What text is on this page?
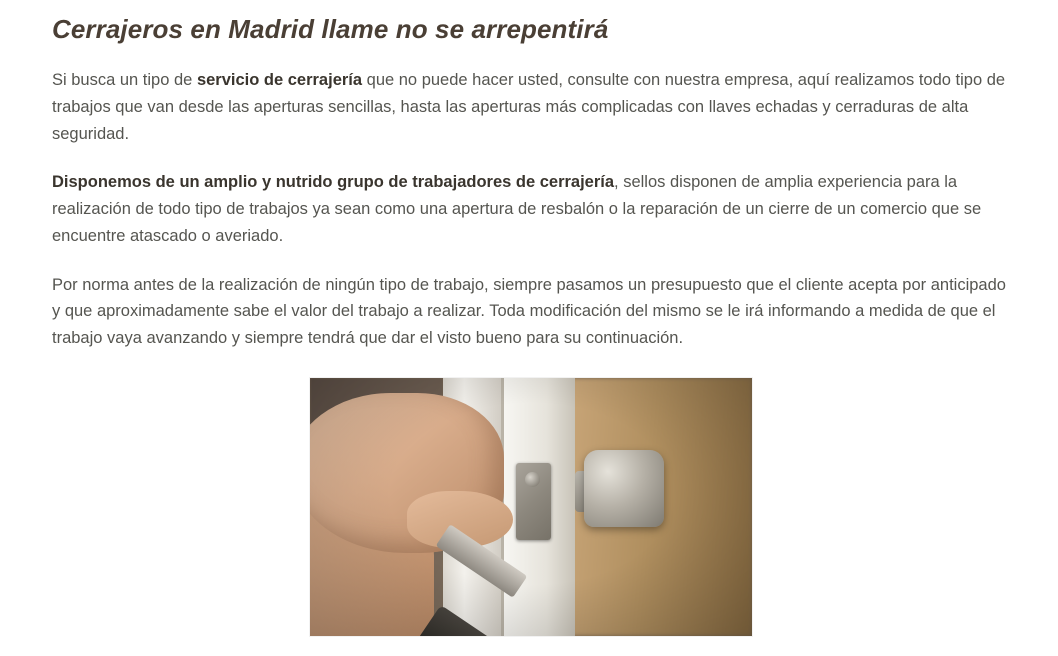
Cerrajeros en Madrid llame no se arrepentirá

Si busca un tipo de servicio de cerrajería que no puede hacer usted, consulte con nuestra empresa, aquí realizamos todo tipo de trabajos que van desde las aperturas sencillas, hasta las aperturas más complicadas con llaves echadas y cerraduras de alta seguridad.

Disponemos de un amplio y nutrido grupo de trabajadores de cerrajería, sellos disponen de amplia experiencia para la realización de todo tipo de trabajos ya sean como una apertura de resbalón o la reparación de un cierre de un comercio que se encuentre atascado o averiado.

Por norma antes de la realización de ningún tipo de trabajo, siempre pasamos un presupuesto que el cliente acepta por anticipado y que aproximadamente sabe el valor del trabajo a realizar. Toda modificación del mismo se le irá informando a medida de que el trabajo vaya avanzando y siempre tendrá que dar el visto bueno para su continuación.
